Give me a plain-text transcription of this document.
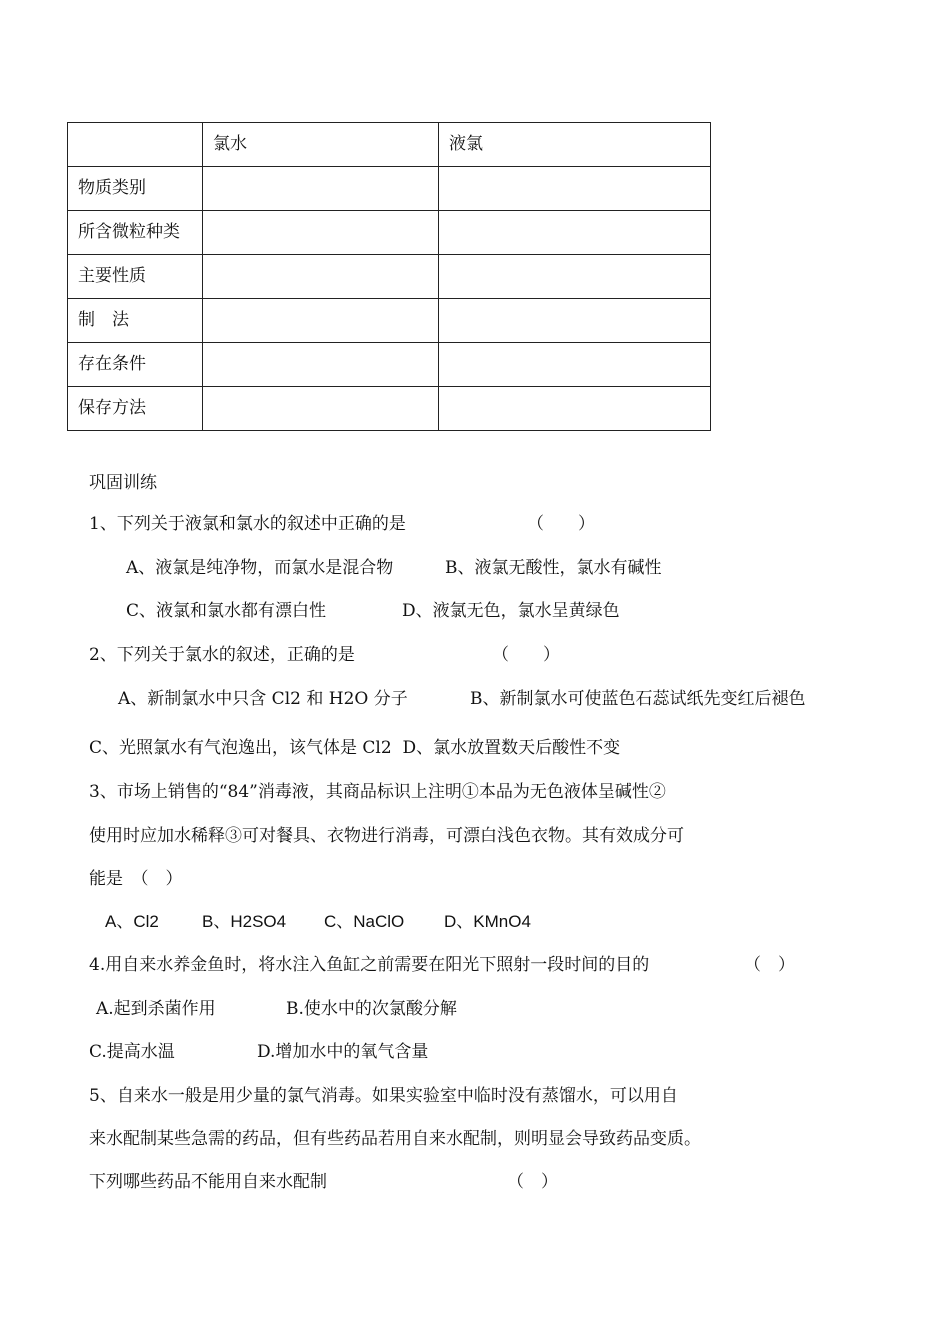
	氯水	液氯
物质类别		
所含微粒种类		
主要性质		
制　法		
存在条件		
保存方法		
巩固训练
1、下列关于液氯和氯水的叙述中正确的是	（　　）
A、液氯是纯净物，而氯水是混合物	B、液氯无酸性，氯水有碱性
C、液氯和氯水都有漂白性	D、液氯无色，氯水呈黄绿色
2、下列关于氯水的叙述，正确的是	（　　）
A、新制氯水中只含 Cl2 和 H2O 分子	B、新制氯水可使蓝色石蕊试纸先变红后褪色
C、光照氯水有气泡逸出，该气体是 Cl2  D、氯水放置数天后酸性不变
3、市场上销售的“84”消毒液，其商品标识上注明①本品为无色液体呈碱性②
使用时应加水稀释③可对餐具、衣物进行消毒，可漂白浅色衣物。其有效成分可
能是　（　）
A、Cl2	B、H2SO4 C、NaClO D、KMnO4
4.用自来水养金鱼时，将水注入鱼缸之前需要在阳光下照射一段时间的目的	（　）
A.起到杀菌作用	B.使水中的次氯酸分解
C.提高水温	D.增加水中的氧气含量
5、自来水一般是用少量的氯气消毒。如果实验室中临时没有蒸馏水，可以用自
来水配制某些急需的药品，但有些药品若用自来水配制，则明显会导致药品变质。
下列哪些药品不能用自来水配制	（　）
